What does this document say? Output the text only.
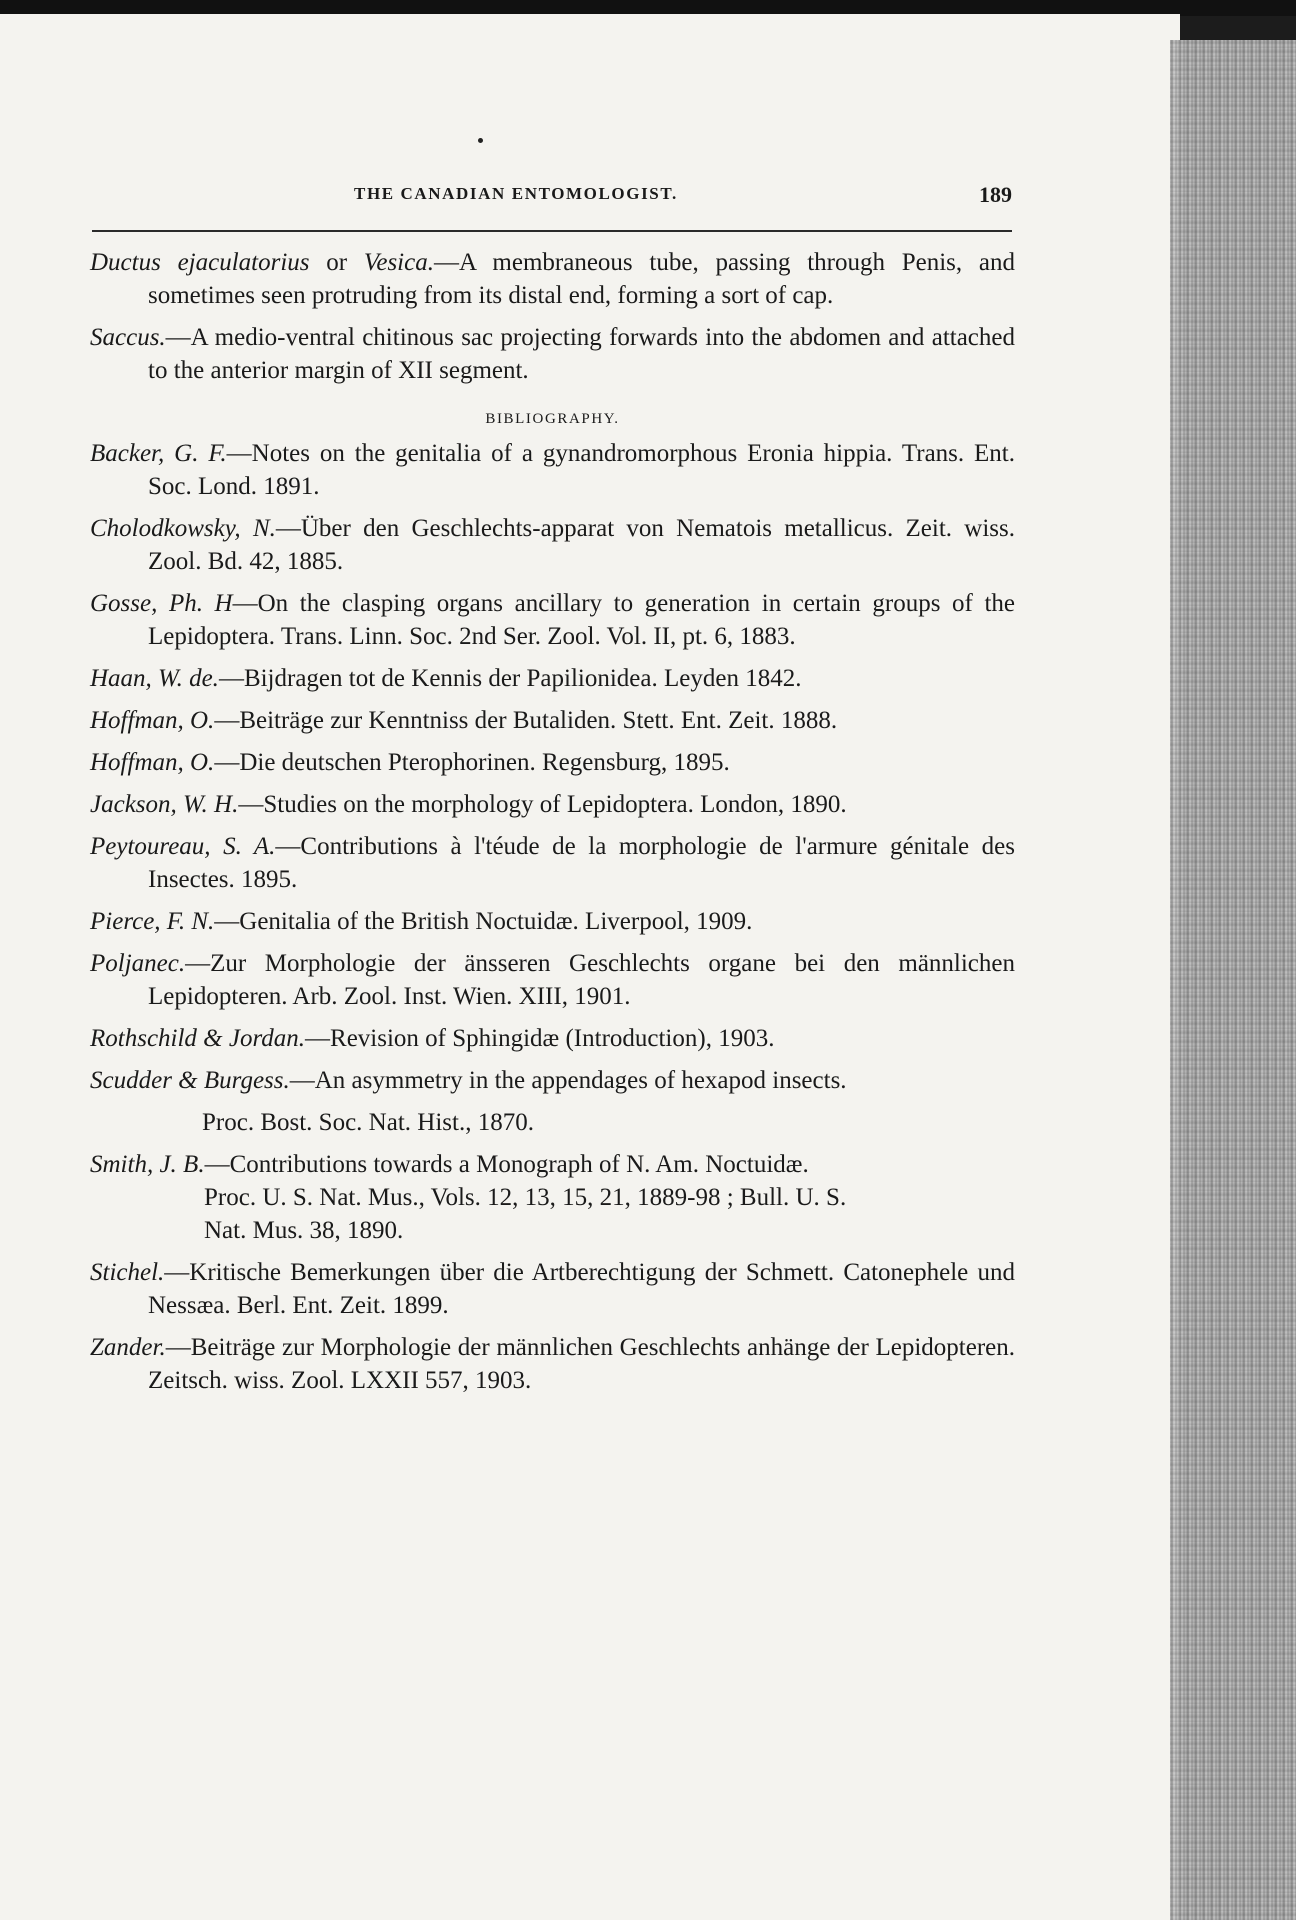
THE CANADIAN ENTOMOLOGIST.	189

Ductus ejaculatorius or Vesica.—A membraneous tube, passing through Penis, and sometimes seen protruding from its distal end, forming a sort of cap.

Saccus.—A medio-ventral chitinous sac projecting forwards into the abdomen and attached to the anterior margin of XII segment.

BIBLIOGRAPHY.

Backer, G. F.—Notes on the genitalia of a gynandromorphous Eronia hippia. Trans. Ent. Soc. Lond. 1891.

Cholodkowsky, N.—Über den Geschlechts-apparat von Nematois metallicus. Zeit. wiss. Zool. Bd. 42, 1885.

Gosse, Ph. H—On the clasping organs ancillary to generation in certain groups of the Lepidoptera. Trans. Linn. Soc. 2nd Ser. Zool. Vol. II, pt. 6, 1883.

Haan, W. de.—Bijdragen tot de Kennis der Papilionidea. Leyden 1842.

Hoffman, O.—Beiträge zur Kenntniss der Butaliden. Stett. Ent. Zeit. 1888.

Hoffman, O.—Die deutschen Pterophorinen. Regensburg, 1895.

Jackson, W. H.—Studies on the morphology of Lepidoptera. London, 1890.

Peytoureau, S. A.—Contributions à l'téude de la morphologie de l'armure génitale des Insectes. 1895.

Pierce, F. N.—Genitalia of the British Noctuidæ. Liverpool, 1909.

Poljanec.—Zur Morphologie der änsseren Geschlechts organe bei den männlichen Lepidopteren. Arb. Zool. Inst. Wien. XIII, 1901.

Rothschild & Jordan.—Revision of Sphingidæ (Introduction), 1903.

Scudder & Burgess.—An asymmetry in the appendages of hexapod insects.

Proc. Bost. Soc. Nat. Hist., 1870.

Smith, J. B.—Contributions towards a Monograph of N. Am. Noctuidæ.
Proc. U. S. Nat. Mus., Vols. 12, 13, 15, 21, 1889-98 ; Bull. U. S.
Nat. Mus. 38, 1890.

Stichel.—Kritische Bemerkungen über die Artberechtigung der Schmett. Catonephele und Nessæa. Berl. Ent. Zeit. 1899.

Zander.—Beiträge zur Morphologie der männlichen Geschlechts anhänge der Lepidopteren. Zeitsch. wiss. Zool. LXXII 557, 1903.
